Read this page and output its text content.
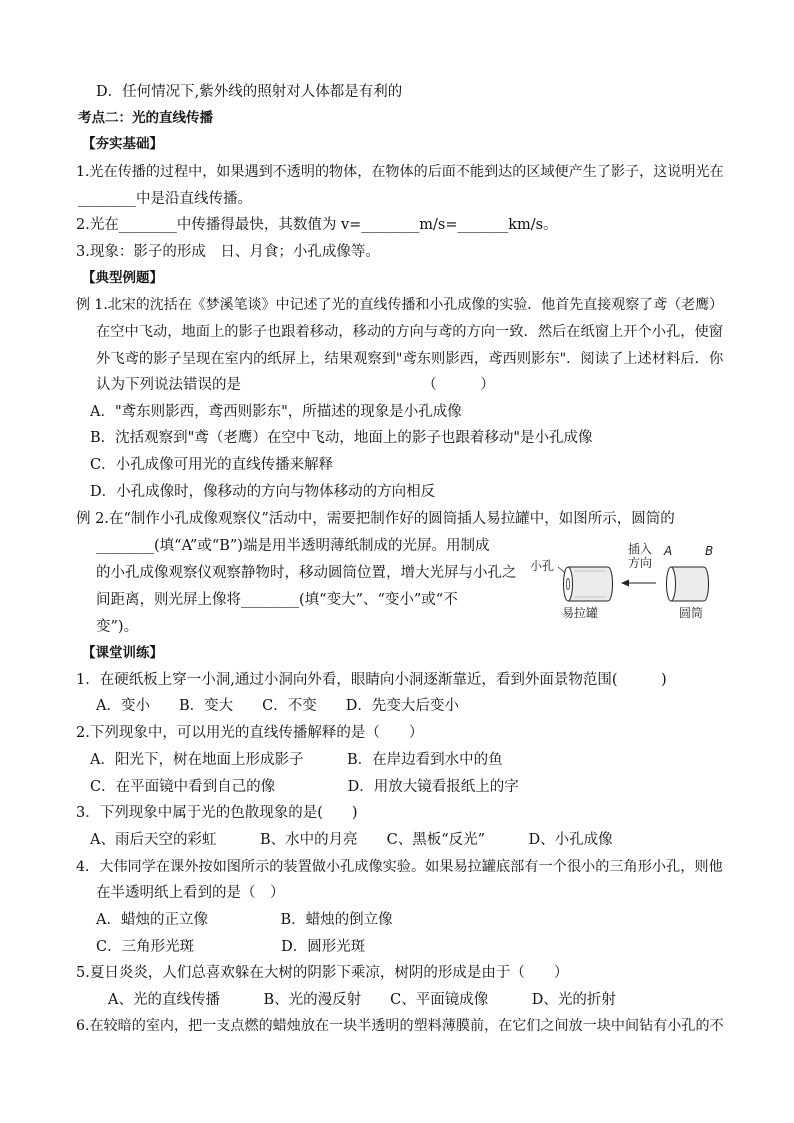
D．任何情况下,紫外线的照射对人体都是有利的
考点二：光的直线传播
【夯实基础】
1.光在传播的过程中，如果遇到不透明的物体，在物体的后面不能到达的区域便产生了影子，这说明光在
________中是沿直线传播。
2.光在________中传播得最快，其数值为 v=________m/s=_______km/s。
3.现象：影子的形成　日、月食；小孔成像等。
【典型例题】
例 1.北宋的沈括在《梦溪笔谈》中记述了光的直线传播和小孔成像的实验．他首先直接观察了鸢（老鹰）
在空中飞动，地面上的影子也跟着移动，移动的方向与鸢的方向一致．然后在纸窗上开个小孔，使窗
外飞鸢的影子呈现在室内的纸屏上，结果观察到"鸢东则影西，鸢西则影东"．阅读了上述材料后．你
认为下列说法错误的是　　　　　　　　　　　　　（　　　）
A．"鸢东则影西，鸢西则影东"，所描述的现象是小孔成像
B．沈括观察到"鸢（老鹰）在空中飞动，地面上的影子也跟着移动"是小孔成像
C．小孔成像可用光的直线传播来解释
D．小孔成像时，像移动的方向与物体移动的方向相反
例 2.在“制作小孔成像观察仪”活动中，需要把制作好的圆筒插人易拉罐中，如图所示，圆筒的
________(填“A”或“B”)端是用半透明薄纸制成的光屏。用制成
的小孔成像观察仪观察静物时，移动圆筒位置，增大光屏与小孔之
间距离，则光屏上像将________(填“变大”、“变小”或“不
变”)。
小孔
插入
方向
A	B
易拉罐	圆筒
【课堂训练】
1．在硬纸板上穿一小洞,通过小洞向外看，眼睛向小洞逐渐靠近，看到外面景物范围(　　　)
A．变小　　B．变大　　C．不变　　D．先变大后变小
2.下列现象中，可以用光的直线传播解释的是（　　）
A．阳光下，树在地面上形成影子　　　B．在岸边看到水中的鱼
C．在平面镜中看到自己的像　　　　　D．用放大镜看报纸上的字
3．下列现象中属于光的色散现象的是(　　)
A、雨后天空的彩虹　　　B、水中的月亮　　C、黑板“反光”　　　D、小孔成像
4．大伟同学在课外按如图所示的装置做小孔成像实验。如果易拉罐底部有一个很小的三角形小孔，则他
在半透明纸上看到的是（　）
A．蜡烛的正立像　　　　　B．蜡烛的倒立像
C．三角形光斑　　　　　　D．圆形光斑
5.夏日炎炎，人们总喜欢躲在大树的阴影下乘凉，树阴的形成是由于（　　）
A、光的直线传播　　　B、光的漫反射　　C、平面镜成像　　　D、光的折射
6.在较暗的室内，把一支点燃的蜡烛放在一块半透明的塑料薄膜前，在它们之间放一块中间钻有小孔的不
